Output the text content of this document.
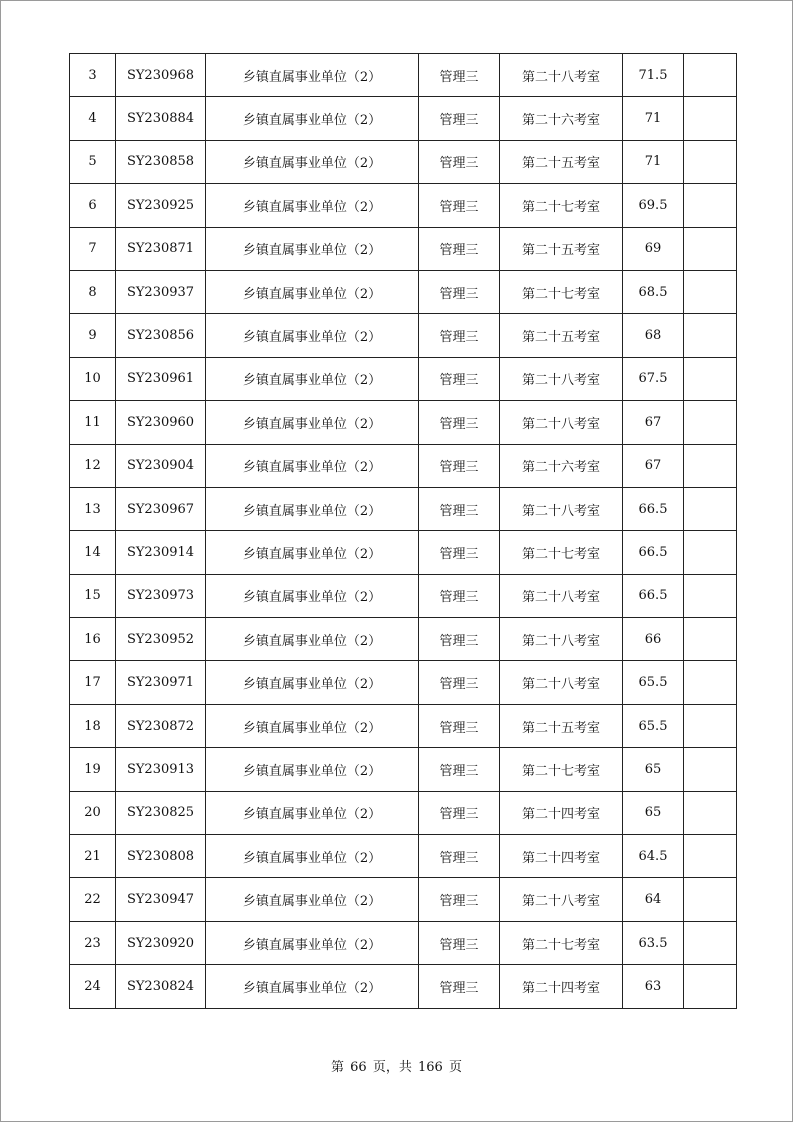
3	SY230968	乡镇直属事业单位（2）	管理三	第二十八考室	71.5	
4	SY230884	乡镇直属事业单位（2）	管理三	第二十六考室	71	
5	SY230858	乡镇直属事业单位（2）	管理三	第二十五考室	71	
6	SY230925	乡镇直属事业单位（2）	管理三	第二十七考室	69.5	
7	SY230871	乡镇直属事业单位（2）	管理三	第二十五考室	69	
8	SY230937	乡镇直属事业单位（2）	管理三	第二十七考室	68.5	
9	SY230856	乡镇直属事业单位（2）	管理三	第二十五考室	68	
10	SY230961	乡镇直属事业单位（2）	管理三	第二十八考室	67.5	
11	SY230960	乡镇直属事业单位（2）	管理三	第二十八考室	67	
12	SY230904	乡镇直属事业单位（2）	管理三	第二十六考室	67	
13	SY230967	乡镇直属事业单位（2）	管理三	第二十八考室	66.5	
14	SY230914	乡镇直属事业单位（2）	管理三	第二十七考室	66.5	
15	SY230973	乡镇直属事业单位（2）	管理三	第二十八考室	66.5	
16	SY230952	乡镇直属事业单位（2）	管理三	第二十八考室	66	
17	SY230971	乡镇直属事业单位（2）	管理三	第二十八考室	65.5	
18	SY230872	乡镇直属事业单位（2）	管理三	第二十五考室	65.5	
19	SY230913	乡镇直属事业单位（2）	管理三	第二十七考室	65	
20	SY230825	乡镇直属事业单位（2）	管理三	第二十四考室	65	
21	SY230808	乡镇直属事业单位（2）	管理三	第二十四考室	64.5	
22	SY230947	乡镇直属事业单位（2）	管理三	第二十八考室	64	
23	SY230920	乡镇直属事业单位（2）	管理三	第二十七考室	63.5	
24	SY230824	乡镇直属事业单位（2）	管理三	第二十四考室	63	
第 66 页，共 166 页
